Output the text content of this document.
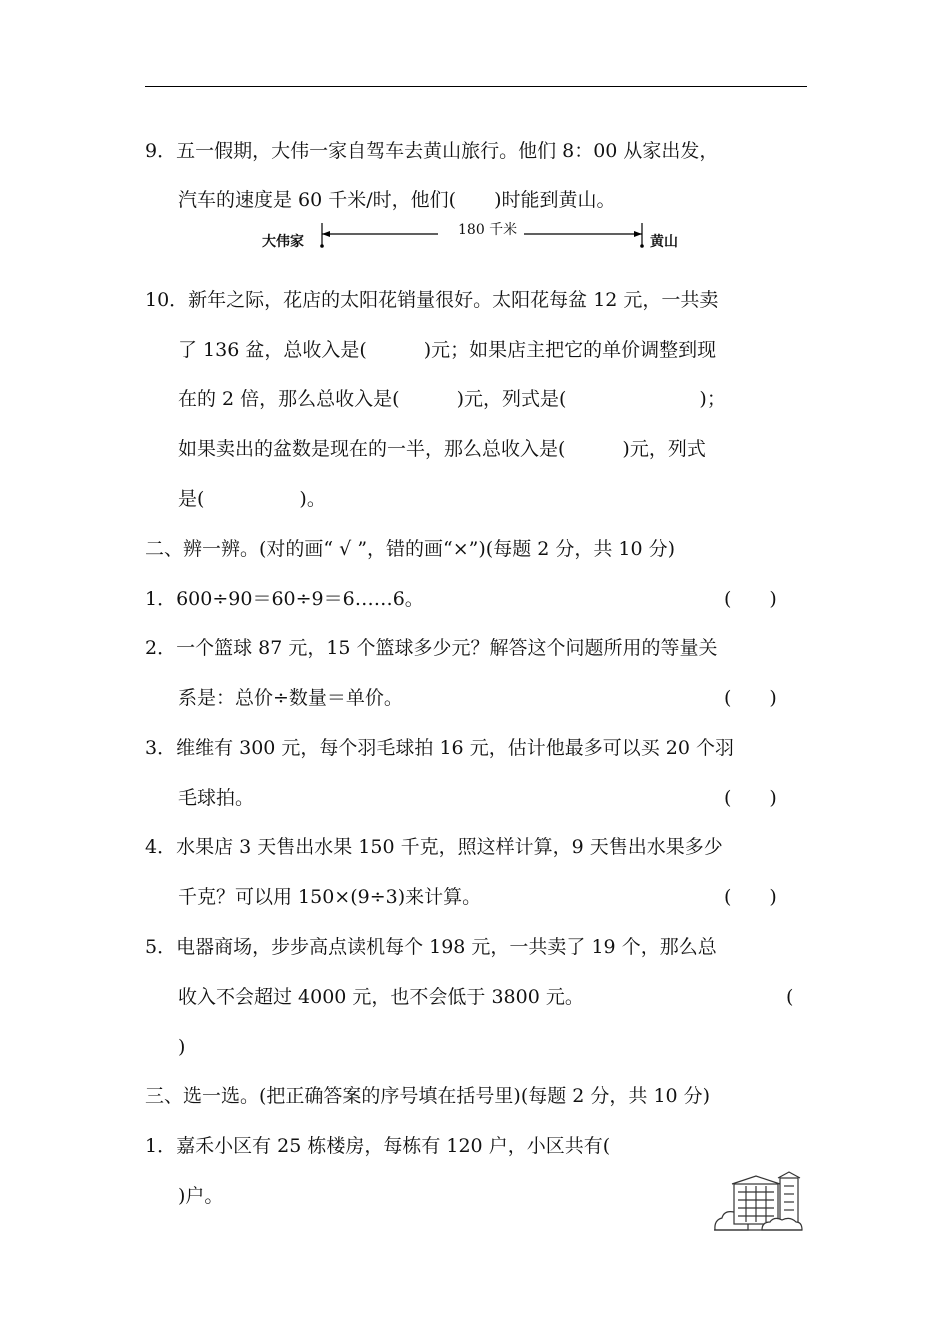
9．五一假期，大伟一家自驾车去黄山旅行。他们 8：00 从家出发，
汽车的速度是 60 千米/时，他们(　　)时能到黄山。
大伟家
180 千米
黄山
10．新年之际，花店的太阳花销量很好。太阳花每盆 12 元，一共卖
了 136 盆，总收入是(　　　)元；如果店主把它的单价调整到现
在的 2 倍，那么总收入是(　　　)元，列式是(　　　　　　　)；
如果卖出的盆数是现在的一半，那么总收入是(　　　)元，列式
是(　　　　　)。
二、辨一辨。(对的画“ √ ”，错的画“×”)(每题 2 分，共 10 分)
1．600÷90＝60÷9＝6……6。	(　　)
2．一个篮球 87 元，15 个篮球多少元？解答这个问题所用的等量关
系是：总价÷数量＝单价。	(　　)
3．维维有 300 元，每个羽毛球拍 16 元，估计他最多可以买 20 个羽
毛球拍。	(　　)
4．水果店 3 天售出水果 150 千克，照这样计算，9 天售出水果多少
千克？可以用 150×(9÷3)来计算。	(　　)
5．电器商场，步步高点读机每个 198 元，一共卖了 19 个，那么总
收入不会超过 4000 元，也不会低于 3800 元。	(
)
三、选一选。(把正确答案的序号填在括号里)(每题 2 分，共 10 分)
1．嘉禾小区有 25 栋楼房，每栋有 120 户，小区共有(
)户。
